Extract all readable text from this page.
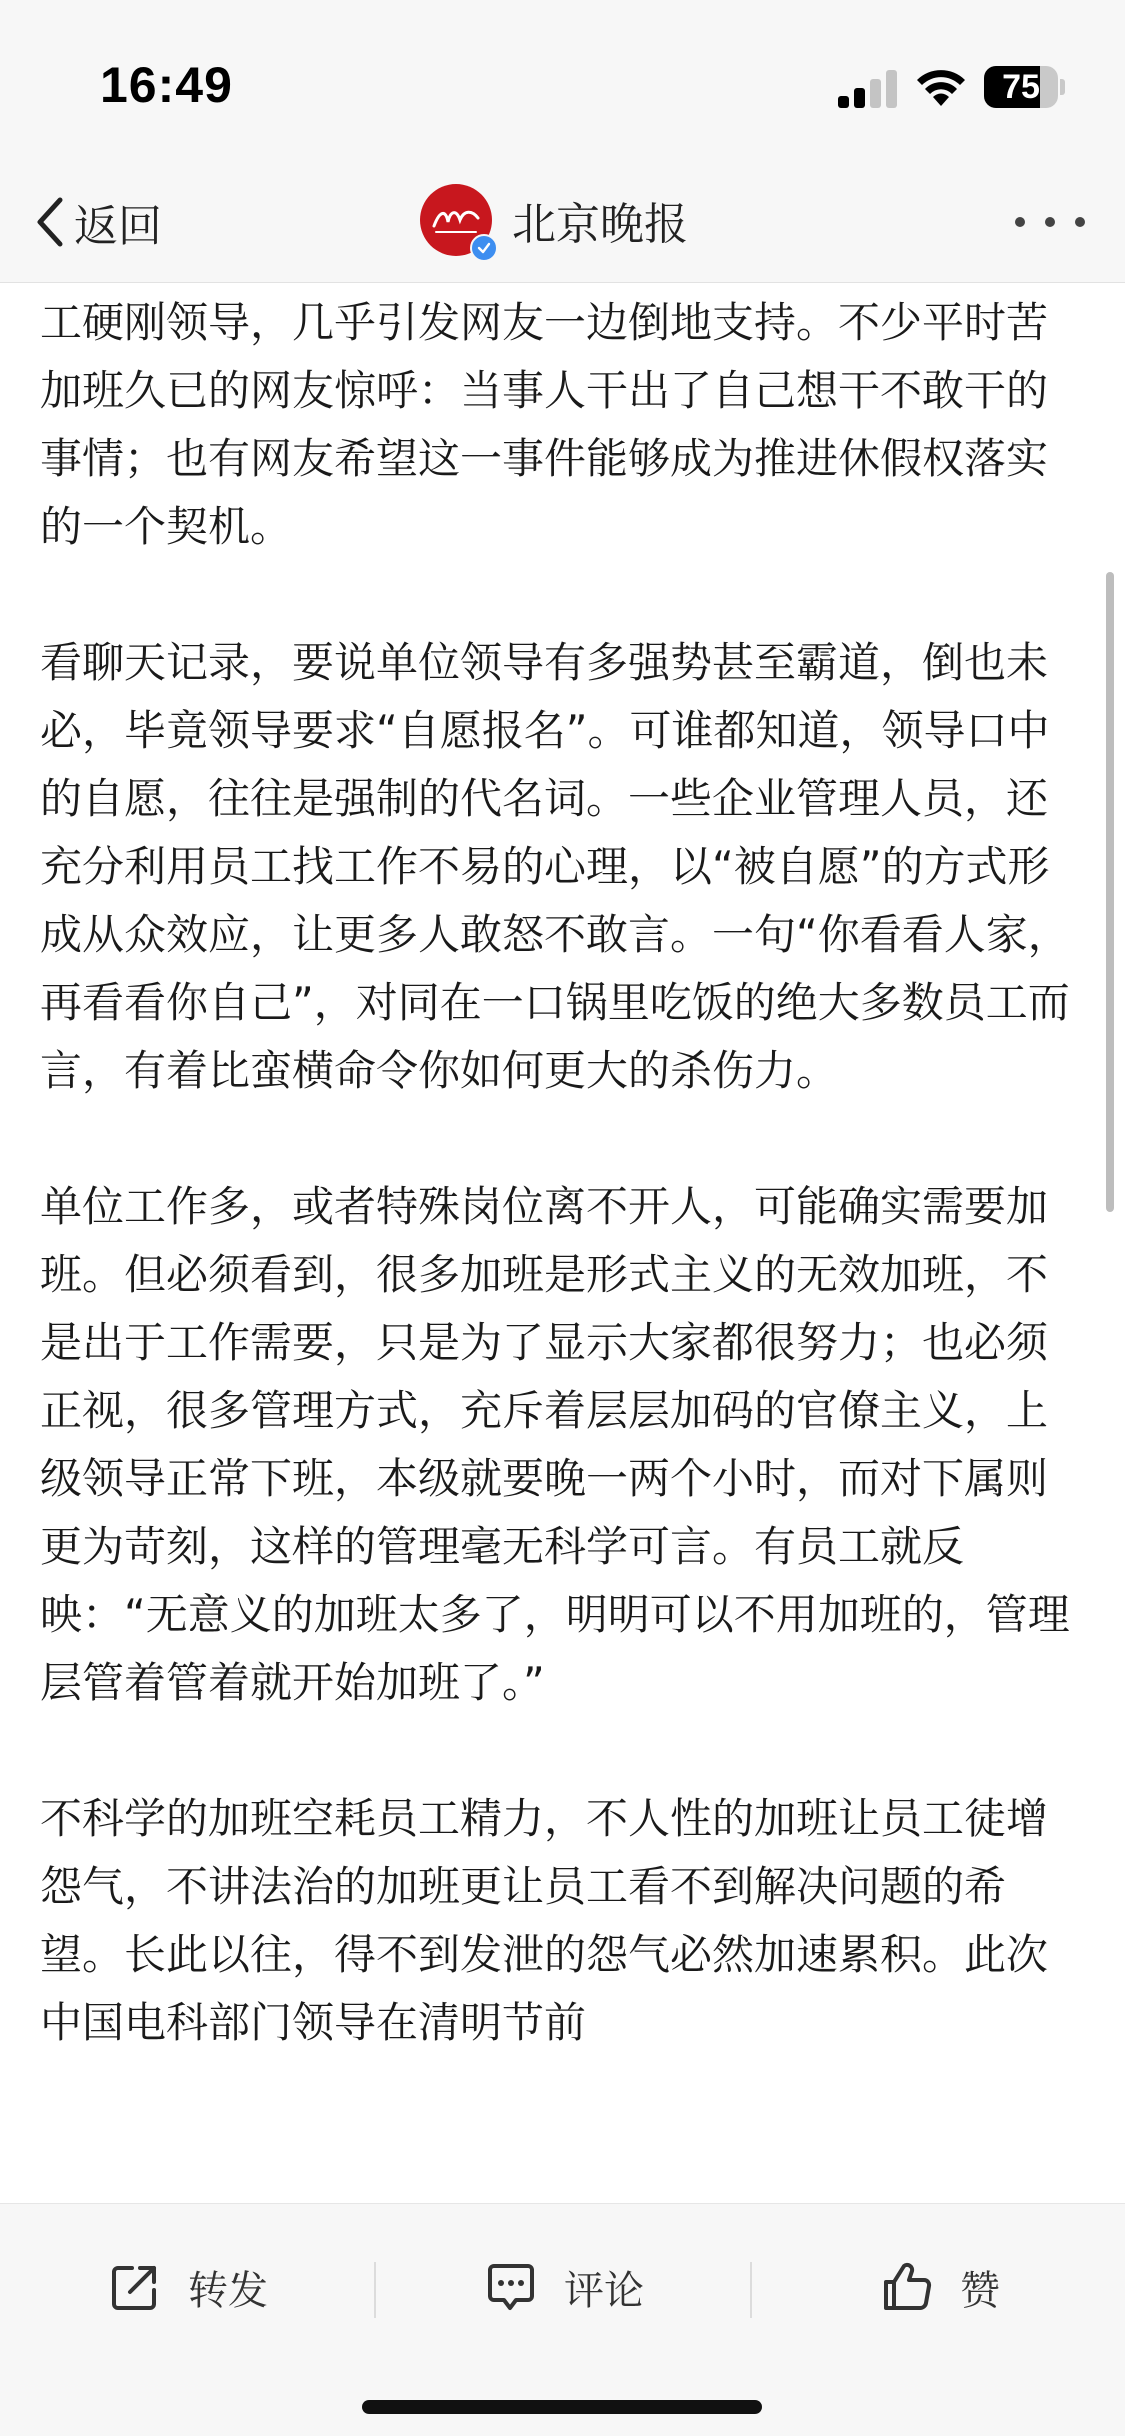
16:49	75
返回	北京晚报

工硬刚领导，几乎引发网友一边倒地支持。不少平时苦加班久已的网友惊呼：当事人干出了自己想干不敢干的事情；也有网友希望这一事件能够成为推进休假权落实的一个契机。

看聊天记录，要说单位领导有多强势甚至霸道，倒也未必，毕竟领导要求“自愿报名”。可谁都知道，领导口中的自愿，往往是强制的代名词。一些企业管理人员，还充分利用员工找工作不易的心理，以“被自愿”的方式形成从众效应，让更多人敢怒不敢言。一句“你看看人家，再看看你自己”，对同在一口锅里吃饭的绝大多数员工而言，有着比蛮横命令你如何更大的杀伤力。

单位工作多，或者特殊岗位离不开人，可能确实需要加班。但必须看到，很多加班是形式主义的无效加班，不是出于工作需要，只是为了显示大家都很努力；也必须正视，很多管理方式，充斥着层层加码的官僚主义，上级领导正常下班，本级就要晚一两个小时，而对下属则更为苛刻，这样的管理毫无科学可言。有员工就反映：“无意义的加班太多了，明明可以不用加班的，管理层管着管着就开始加班了。”

不科学的加班空耗员工精力，不人性的加班让员工徒增怨气，不讲法治的加班更让员工看不到解决问题的希望。长此以往，得不到发泄的怨气必然加速累积。此次中国电科部门领导在清明节前

转发	评论	赞
